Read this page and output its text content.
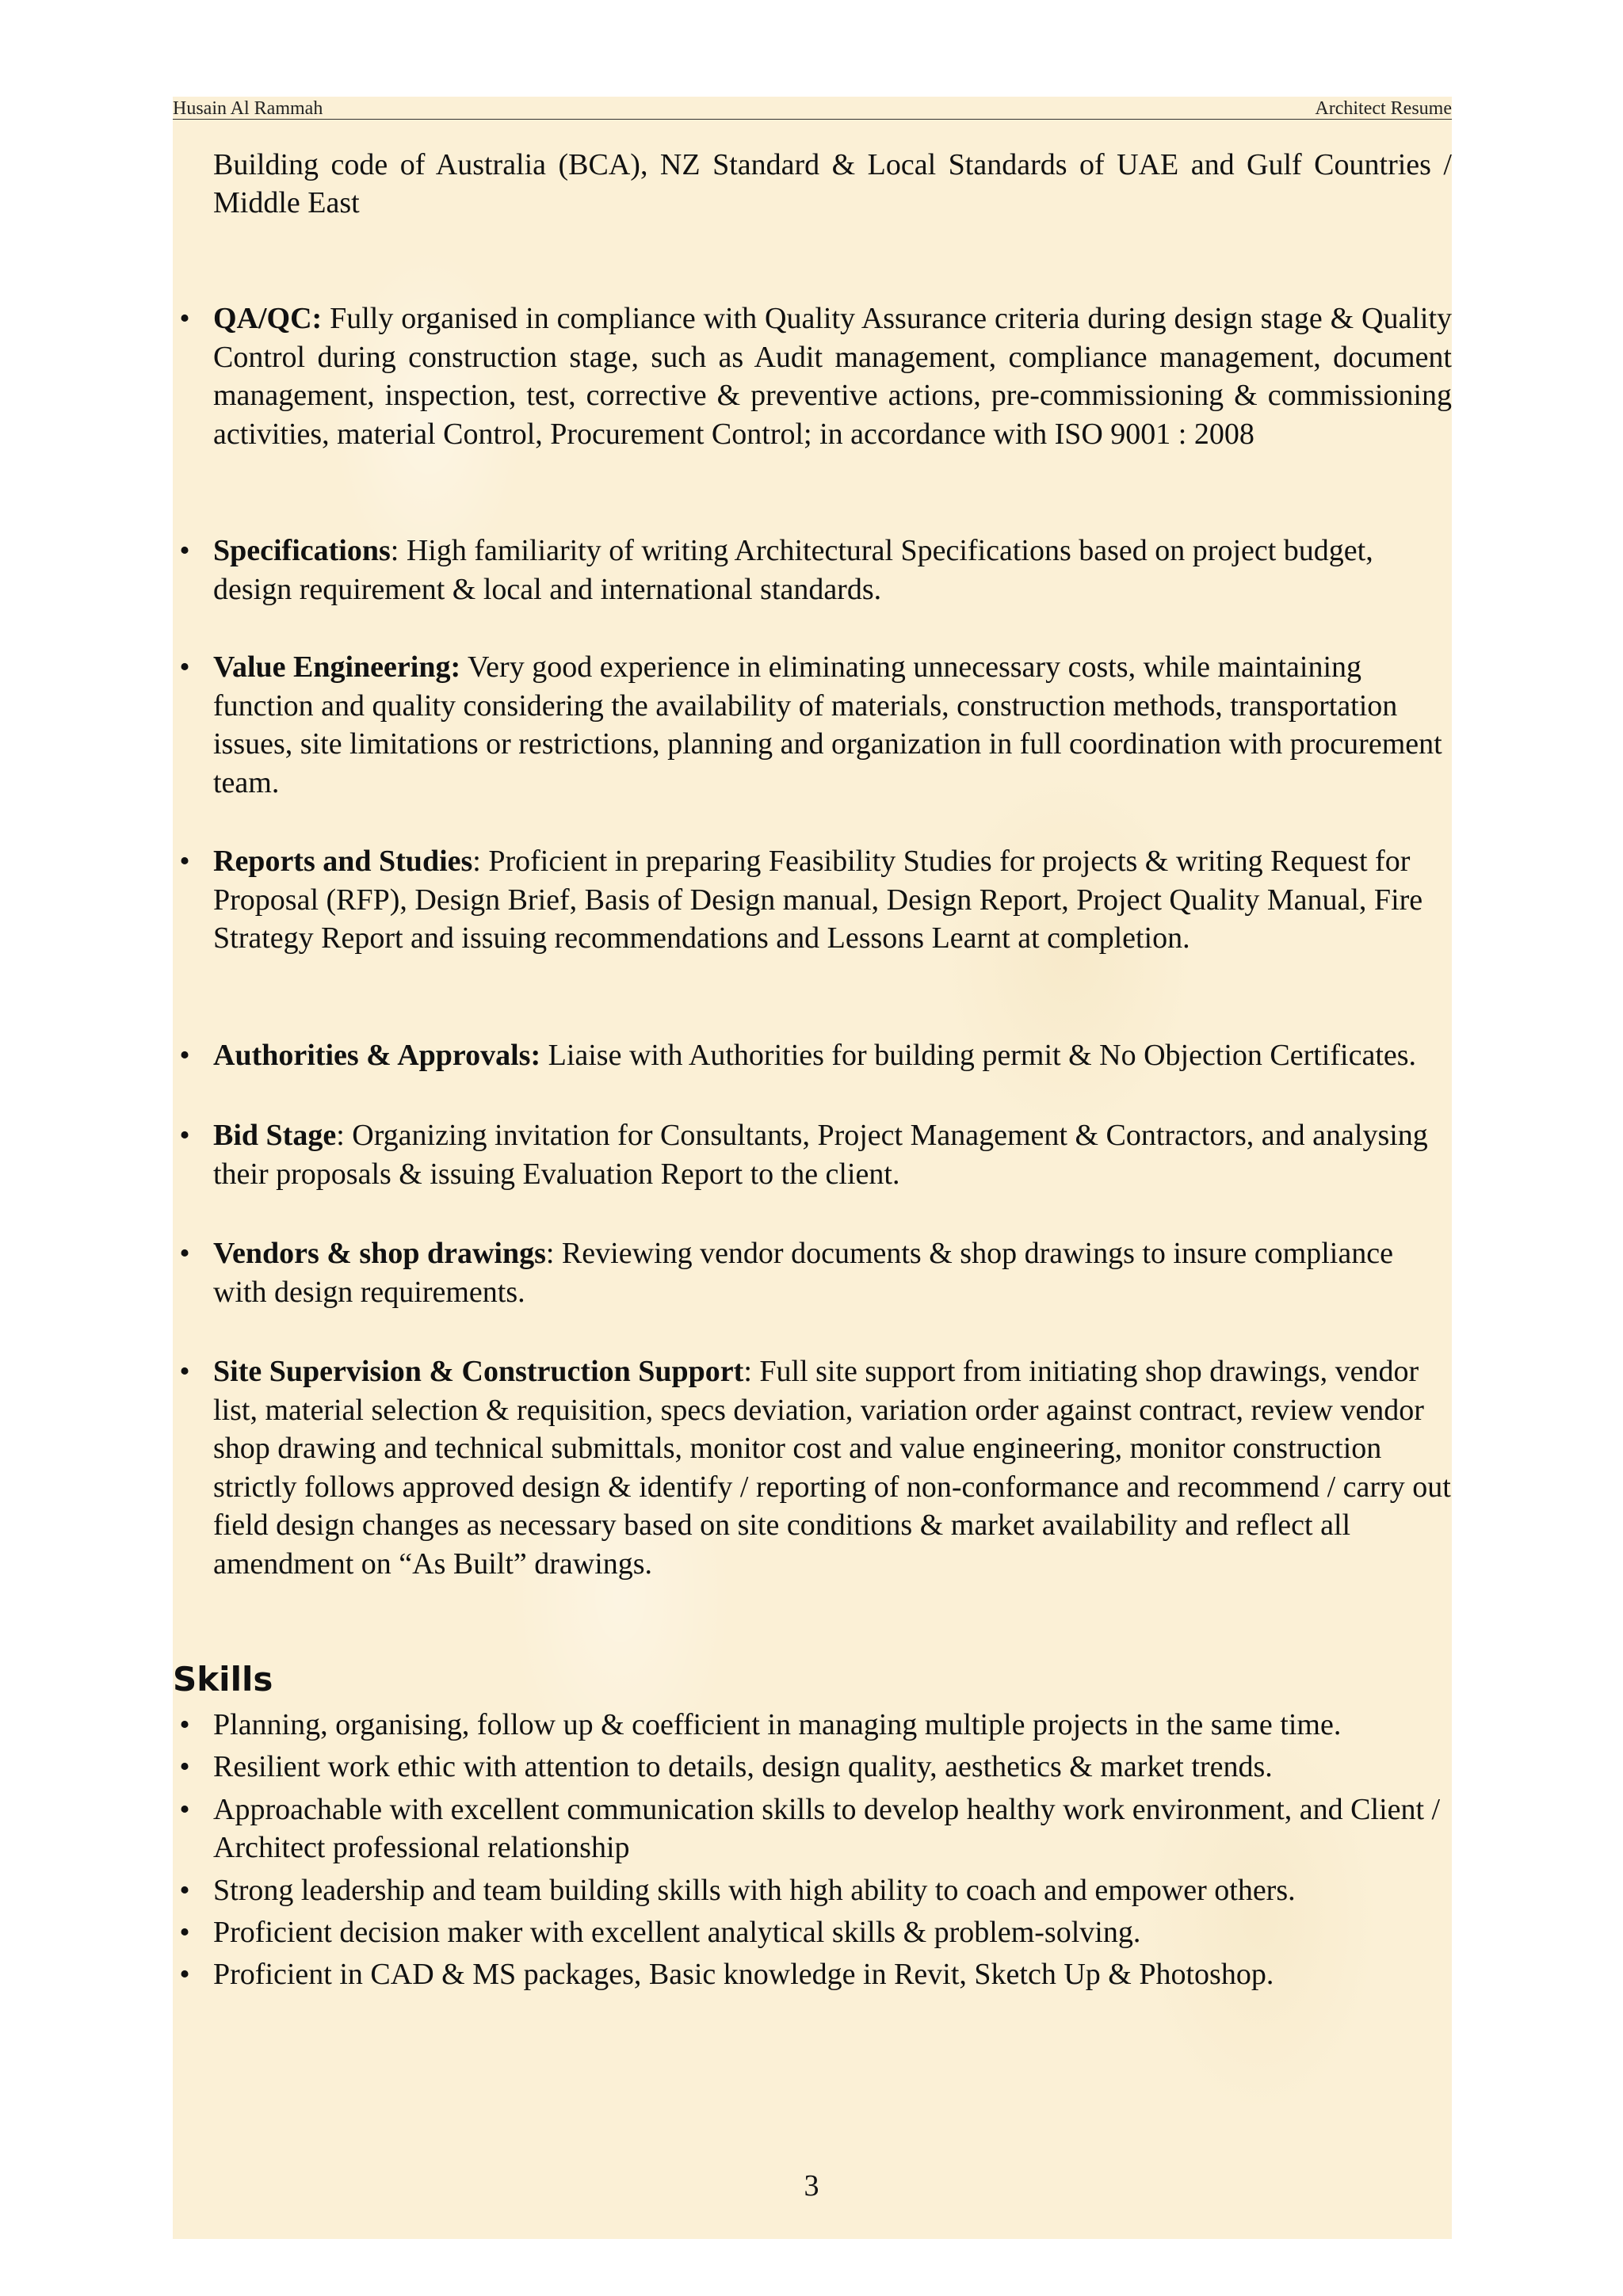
Husain Al Rammah	Architect Resume

Building code of Australia (BCA), NZ Standard & Local Standards of UAE and Gulf Countries / Middle East

• QA/QC: Fully organised in compliance with Quality Assurance criteria during design stage & Quality Control during construction stage, such as Audit management, compliance management, document management, inspection, test, corrective & preventive actions, pre-commissioning & commissioning activities, material Control, Procurement Control; in accordance with ISO 9001 : 2008
• Specifications: High familiarity of writing Architectural Specifications based on project budget, design requirement & local and international standards.
• Value Engineering: Very good experience in eliminating unnecessary costs, while maintaining function and quality considering the availability of materials, construction methods, transportation issues, site limitations or restrictions, planning and organization in full coordination with procurement team.
• Reports and Studies: Proficient in preparing Feasibility Studies for projects & writing Request for Proposal (RFP), Design Brief, Basis of Design manual, Design Report, Project Quality Manual, Fire Strategy Report and issuing recommendations and Lessons Learnt at completion.
• Authorities & Approvals: Liaise with Authorities for building permit & No Objection Certificates.
• Bid Stage: Organizing invitation for Consultants, Project Management & Contractors, and analysing their proposals & issuing Evaluation Report to the client.
• Vendors & shop drawings: Reviewing vendor documents & shop drawings to insure compliance with design requirements.
• Site Supervision & Construction Support: Full site support from initiating shop drawings, vendor list, material selection & requisition, specs deviation, variation order against contract, review vendor shop drawing and technical submittals, monitor cost and value engineering, monitor construction strictly follows approved design & identify / reporting of non-conformance and recommend / carry out field design changes as necessary based on site conditions & market availability and reflect all amendment on “As Built” drawings.
Skills
• Planning, organising, follow up & coefficient in managing multiple projects in the same time.
• Resilient work ethic with attention to details, design quality, aesthetics & market trends.
• Approachable with excellent communication skills to develop healthy work environment, and Client / Architect professional relationship
• Strong leadership and team building skills with high ability to coach and empower others.
• Proficient decision maker with excellent analytical skills & problem-solving.
• Proficient in CAD & MS packages, Basic knowledge in Revit, Sketch Up & Photoshop.
3
